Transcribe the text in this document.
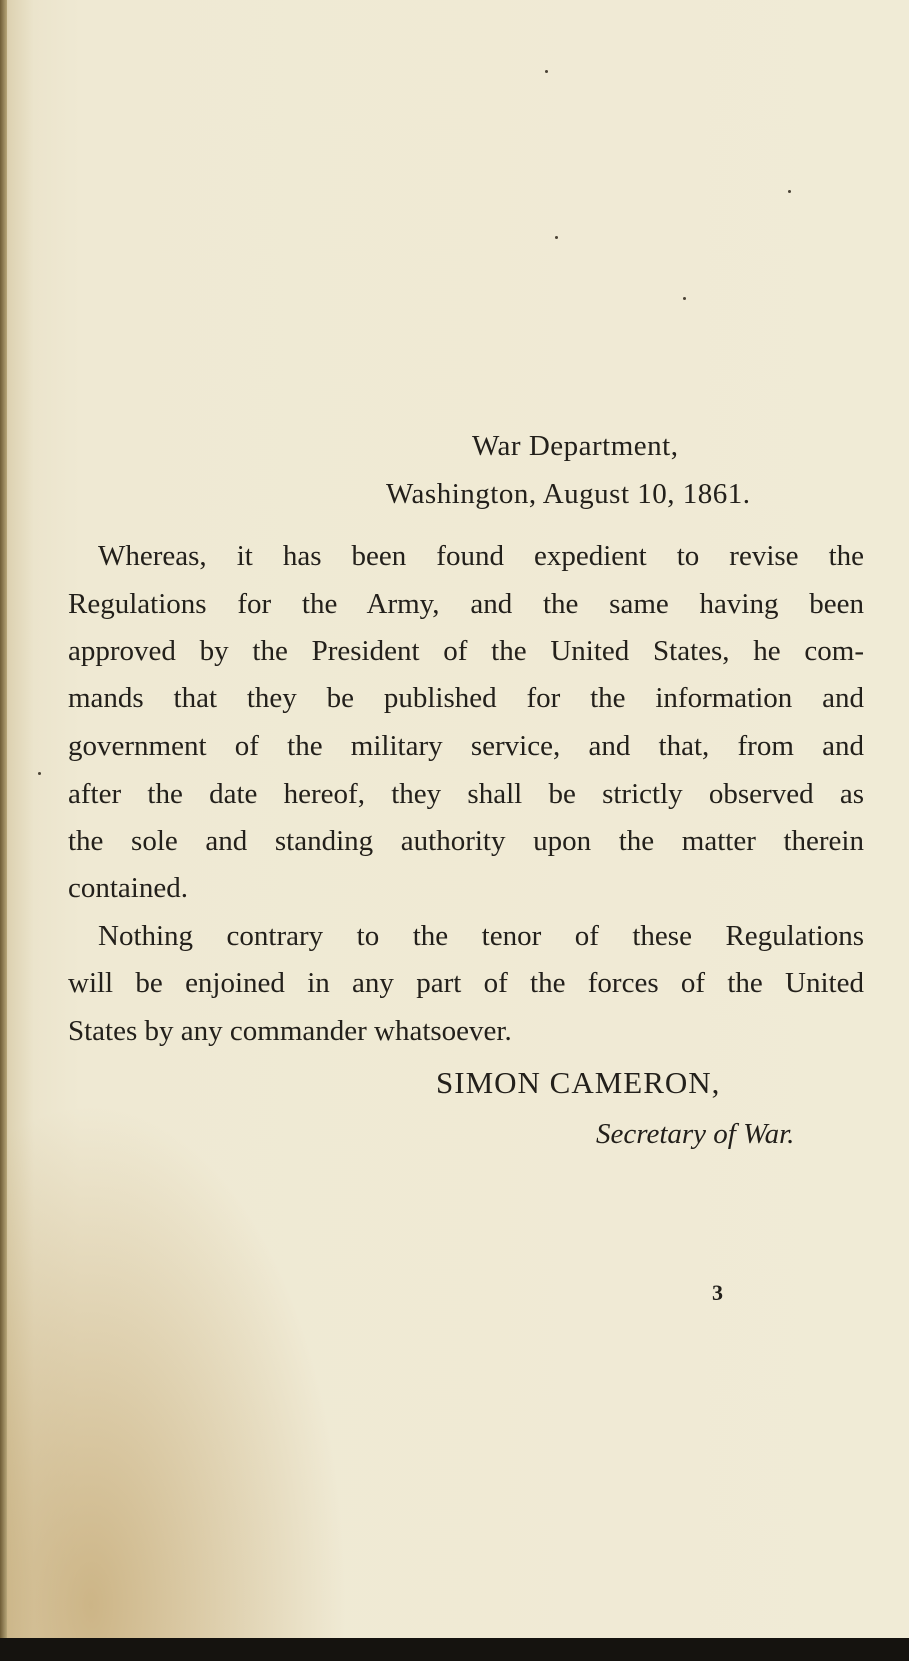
War Department,
Washington, August 10, 1861.
Whereas, it has been found expedient to revise the
Regulations for the Army, and the same having been
approved by the President of the United States, he com-
mands that they be published for the information and
government of the military service, and that, from and
after the date hereof, they shall be strictly observed as
the sole and standing authority upon the matter therein
contained.
Nothing contrary to the tenor of these Regulations
will be enjoined in any part of the forces of the United
States by any commander whatsoever.
SIMON CAMERON,
Secretary of War.
3
